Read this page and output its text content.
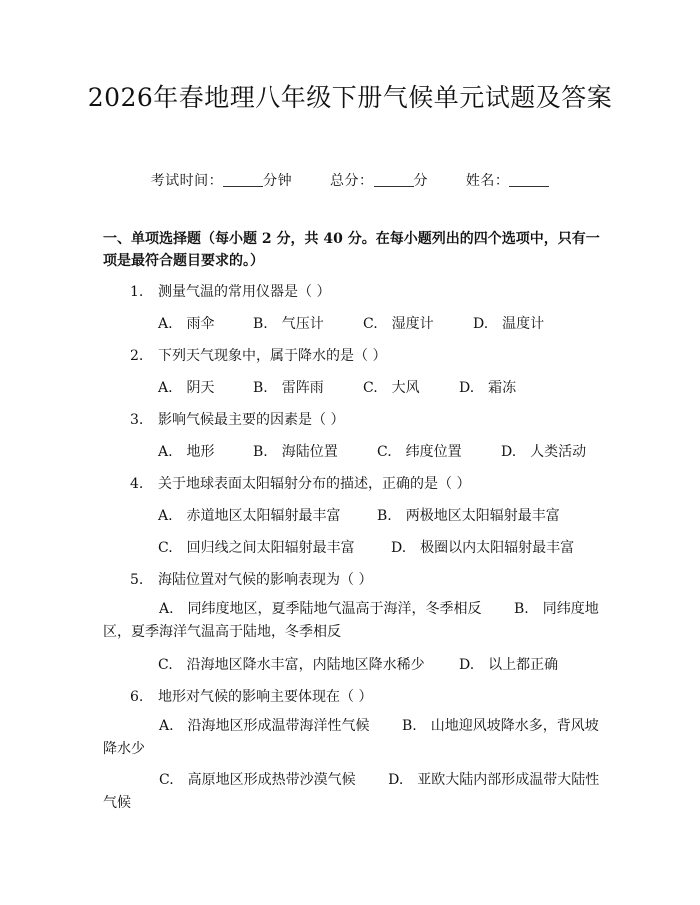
2026年春地理八年级下册气候单元试题及答案
考试时间：	分钟	总分：	分	姓名：
一、单项选择题（每小题 2 分，共 40 分。在每小题列出的四个选项中，只有一项是最符合题目要求的。）
1. 测量气温的常用仪器是（ ）
A.　雨伞	B.　气压计	C.　湿度计	D.　温度计
2. 下列天气现象中，属于降水的是（ ）
A.　阴天	B.　雷阵雨	C.　大风	D.　霜冻
3. 影响气候最主要的因素是（ ）
A.　地形	B.　海陆位置	C.　纬度位置	D.　人类活动
4. 关于地球表面太阳辐射分布的描述，正确的是（ ）
A.　赤道地区太阳辐射最丰富	B.　两极地区太阳辐射最丰富
C.　回归线之间太阳辐射最丰富	D.　极圈以内太阳辐射最丰富
5. 海陆位置对气候的影响表现为（ ）
A.　同纬度地区，夏季陆地气温高于海洋，冬季相反　　 B.　同纬度地区，夏季海洋气温高于陆地，冬季相反
C.　沿海地区降水丰富，内陆地区降水稀少 D.　以上都正确
6. 地形对气候的影响主要体现在（ ）
A.　沿海地区形成温带海洋性气候　　 B.　山地迎风坡降水多，背风坡降水少
C.　高原地区形成热带沙漠气候　　 D.　亚欧大陆内部形成温带大陆性气候
